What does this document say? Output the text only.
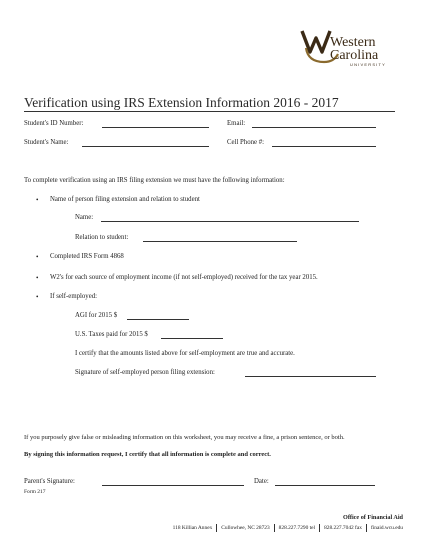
Western
Carolina
UNIVERSITY
Verification using IRS Extension Information 2016 - 2017
Student's ID Number:	Email:
Student's Name:	Cell Phone #:
To complete verification using an IRS filing extension we must have the following information:
• Name of person filing extension and relation to student
Name:
Relation to student:
• Completed IRS Form 4868
• W2's for each source of employment income (if not self-employed) received for the tax year 2015.
• If self-employed:
AGI for 2015 $
U.S. Taxes paid for 2015 $
I certify that the amounts listed above for self-employment are true and accurate.
Signature of self-employed person filing extension:
If you purposely give false or misleading information on this worksheet, you may receive a fine, a prison sentence, or both.
By signing this information request, I certify that all information is complete and correct.
Parent's Signature:	Date:
Form 217
Office of Financial Aid
118 Killian Annex Cullowhee, NC 28723 828.227.7290 tel 828.227.7042 fax finaid.wcu.edu
